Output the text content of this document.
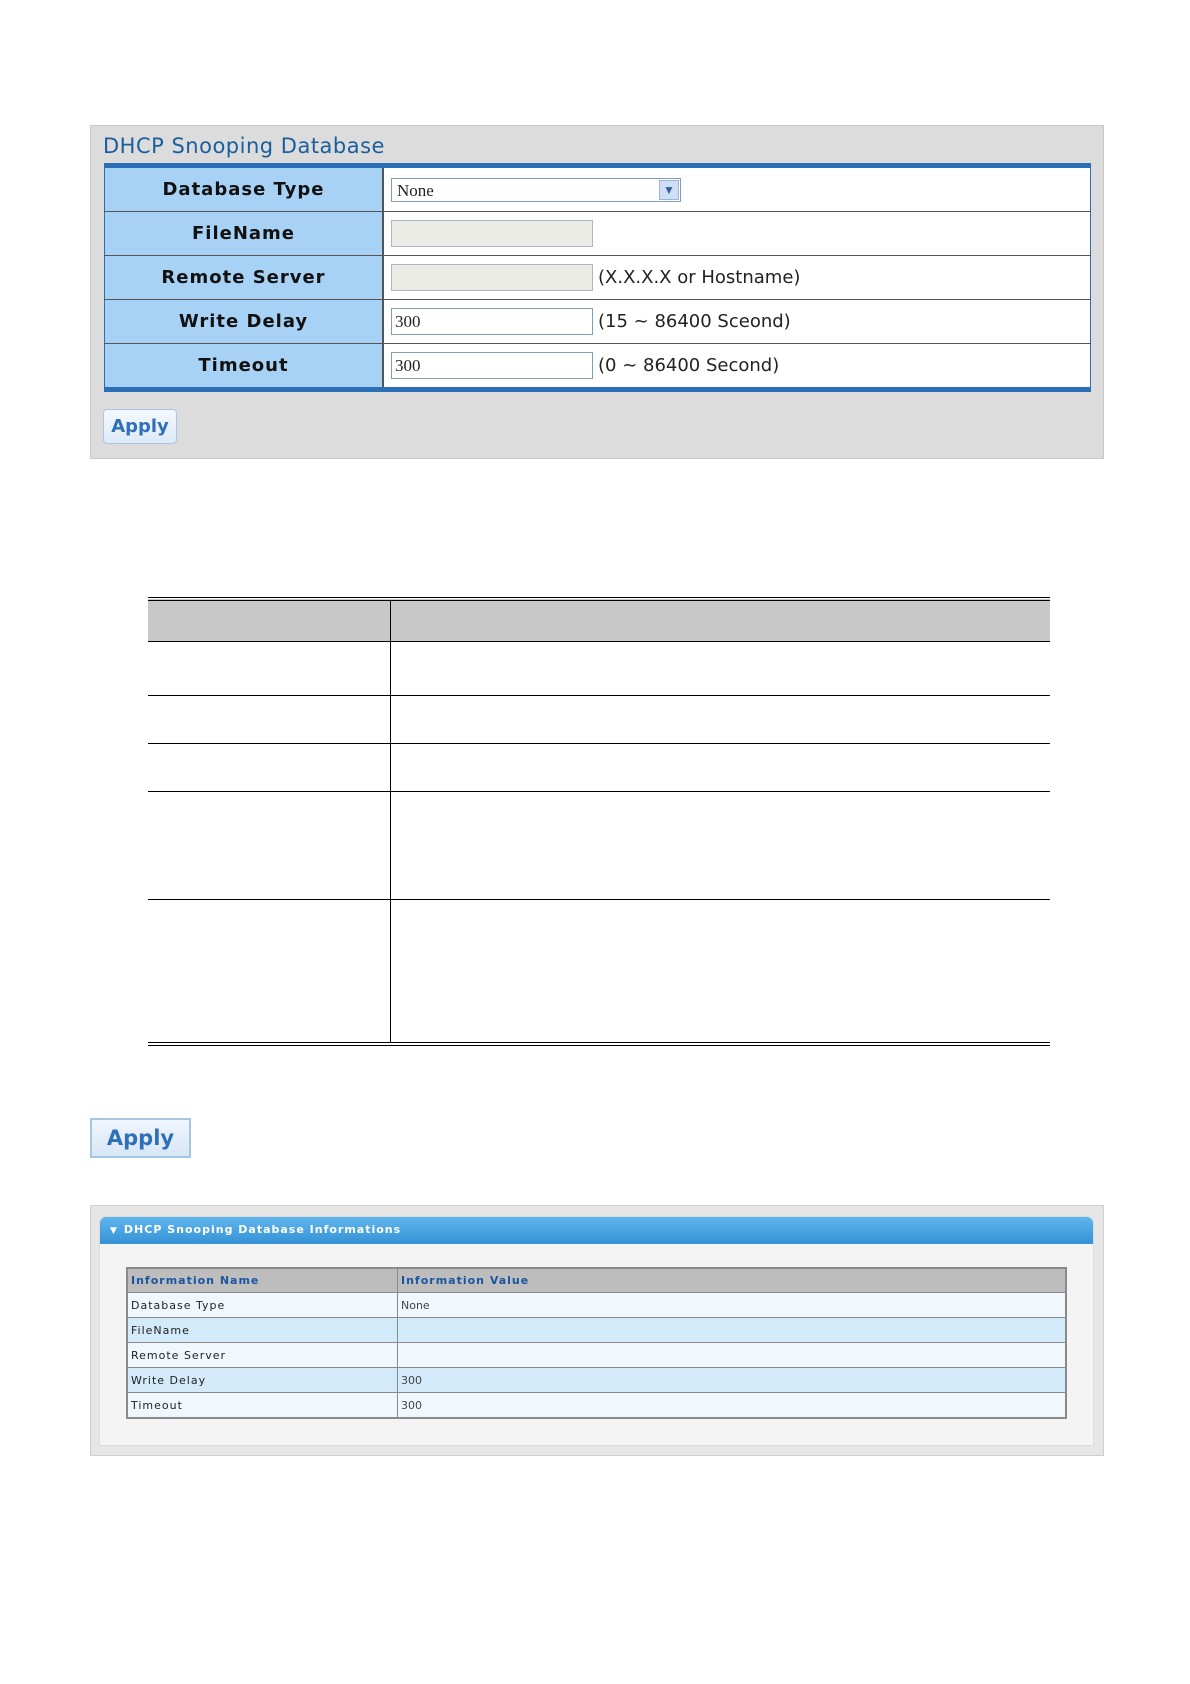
DHCP Snooping Database
Database Type	None ▼

FileName	
Remote Server	(X.X.X.X or Hostname)
Write Delay	300 (15 ~ 86400 Sceond)
Timeout	300 (0 ~ 86400 Second)
Apply

Apply
▼ DHCP Snooping Database Informations
Information Name	Information Value
Database Type	None
FileName	
Remote Server	
Write Delay	300
Timeout	300
